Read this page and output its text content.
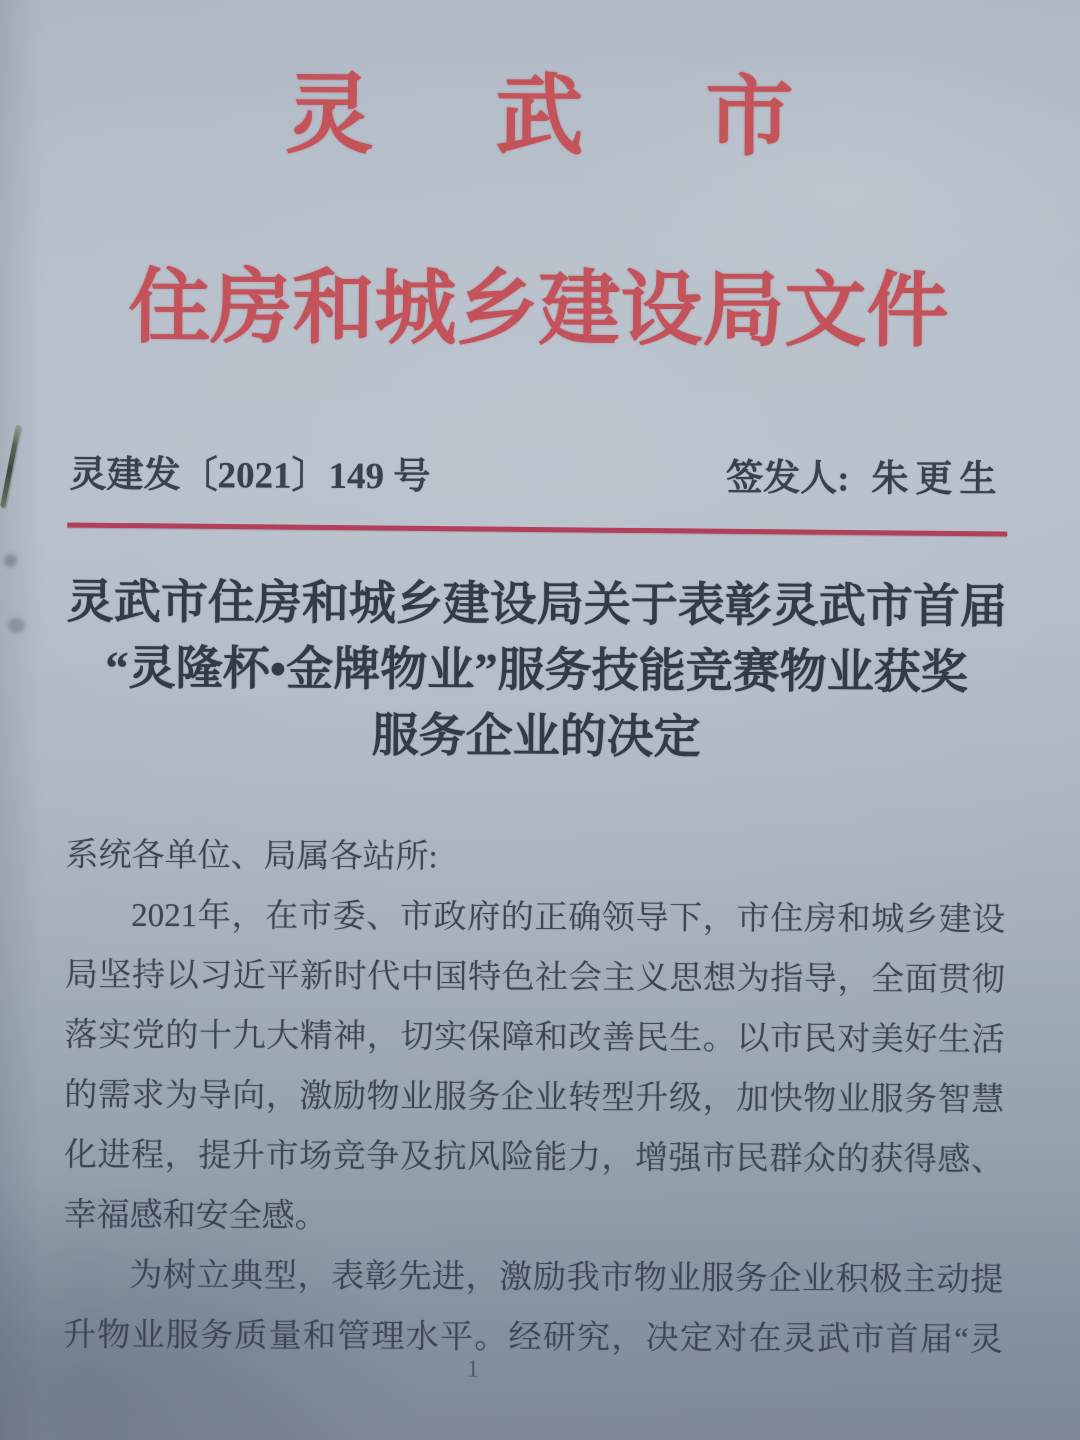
灵武市
住房和城乡建设局文件
灵建发〔2021〕149 号	签发人: 朱更生
灵武市住房和城乡建设局关于表彰灵武市首届
“灵隆杯•金牌物业”服务技能竞赛物业获奖
服务企业的决定
系统各单位、局属各站所:
2021年，在市委、市政府的正确领导下，市住房和城乡建设
局坚持以习近平新时代中国特色社会主义思想为指导，全面贯彻
落实党的十九大精神，切实保障和改善民生。以市民对美好生活
的需求为导向，激励物业服务企业转型升级，加快物业服务智慧
化进程，提升市场竞争及抗风险能力，增强市民群众的获得感、
幸福感和安全感。
为树立典型，表彰先进，激励我市物业服务企业积极主动提
升物业服务质量和管理水平。经研究，决定对在灵武市首届“灵
1
